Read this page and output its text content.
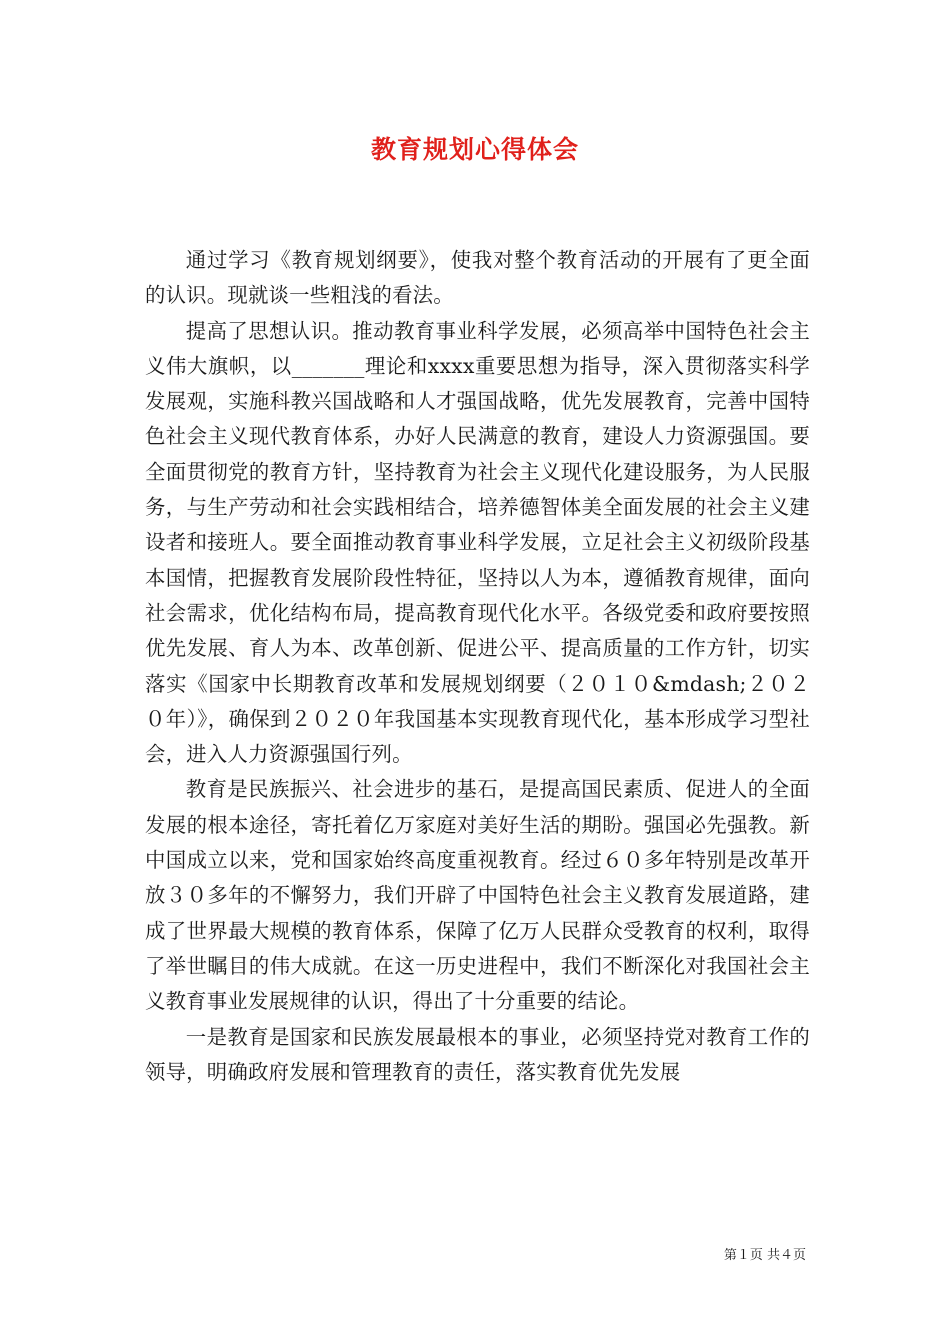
教育规划心得体会

通过学习《教育规划纲要》，使我对整个教育活动的开展有了更全面的认识。现就谈一些粗浅的看法。

提高了思想认识。推动教育事业科学发展，必须高举中国特色社会主义伟大旗帜，以_______理论和xxxx重要思想为指导，深入贯彻落实科学发展观，实施科教兴国战略和人才强国战略，优先发展教育，完善中国特色社会主义现代教育体系，办好人民满意的教育，建设人力资源强国。要全面贯彻党的教育方针，坚持教育为社会主义现代化建设服务，为人民服务，与生产劳动和社会实践相结合，培养德智体美全面发展的社会主义建设者和接班人。要全面推动教育事业科学发展，立足社会主义初级阶段基本国情，把握教育发展阶段性特征，坚持以人为本，遵循教育规律，面向社会需求，优化结构布局，提高教育现代化水平。各级党委和政府要按照优先发展、育人为本、改革创新、促进公平、提高质量的工作方针，切实落实《国家中长期教育改革和发展规划纲要（２０１０&mdash;２０２０年）》，确保到２０２０年我国基本实现教育现代化，基本形成学习型社会，进入人力资源强国行列。

教育是民族振兴、社会进步的基石，是提高国民素质、促进人的全面发展的根本途径，寄托着亿万家庭对美好生活的期盼。强国必先强教。新中国成立以来，党和国家始终高度重视教育。经过６０多年特别是改革开放３０多年的不懈努力，我们开辟了中国特色社会主义教育发展道路，建成了世界最大规模的教育体系，保障了亿万人民群众受教育的权利，取得了举世瞩目的伟大成就。在这一历史进程中，我们不断深化对我国社会主义教育事业发展规律的认识，得出了十分重要的结论。

一是教育是国家和民族发展最根本的事业，必须坚持党对教育工作的领导，明确政府发展和管理教育的责任，落实教育优先发展

第１页 共４页
